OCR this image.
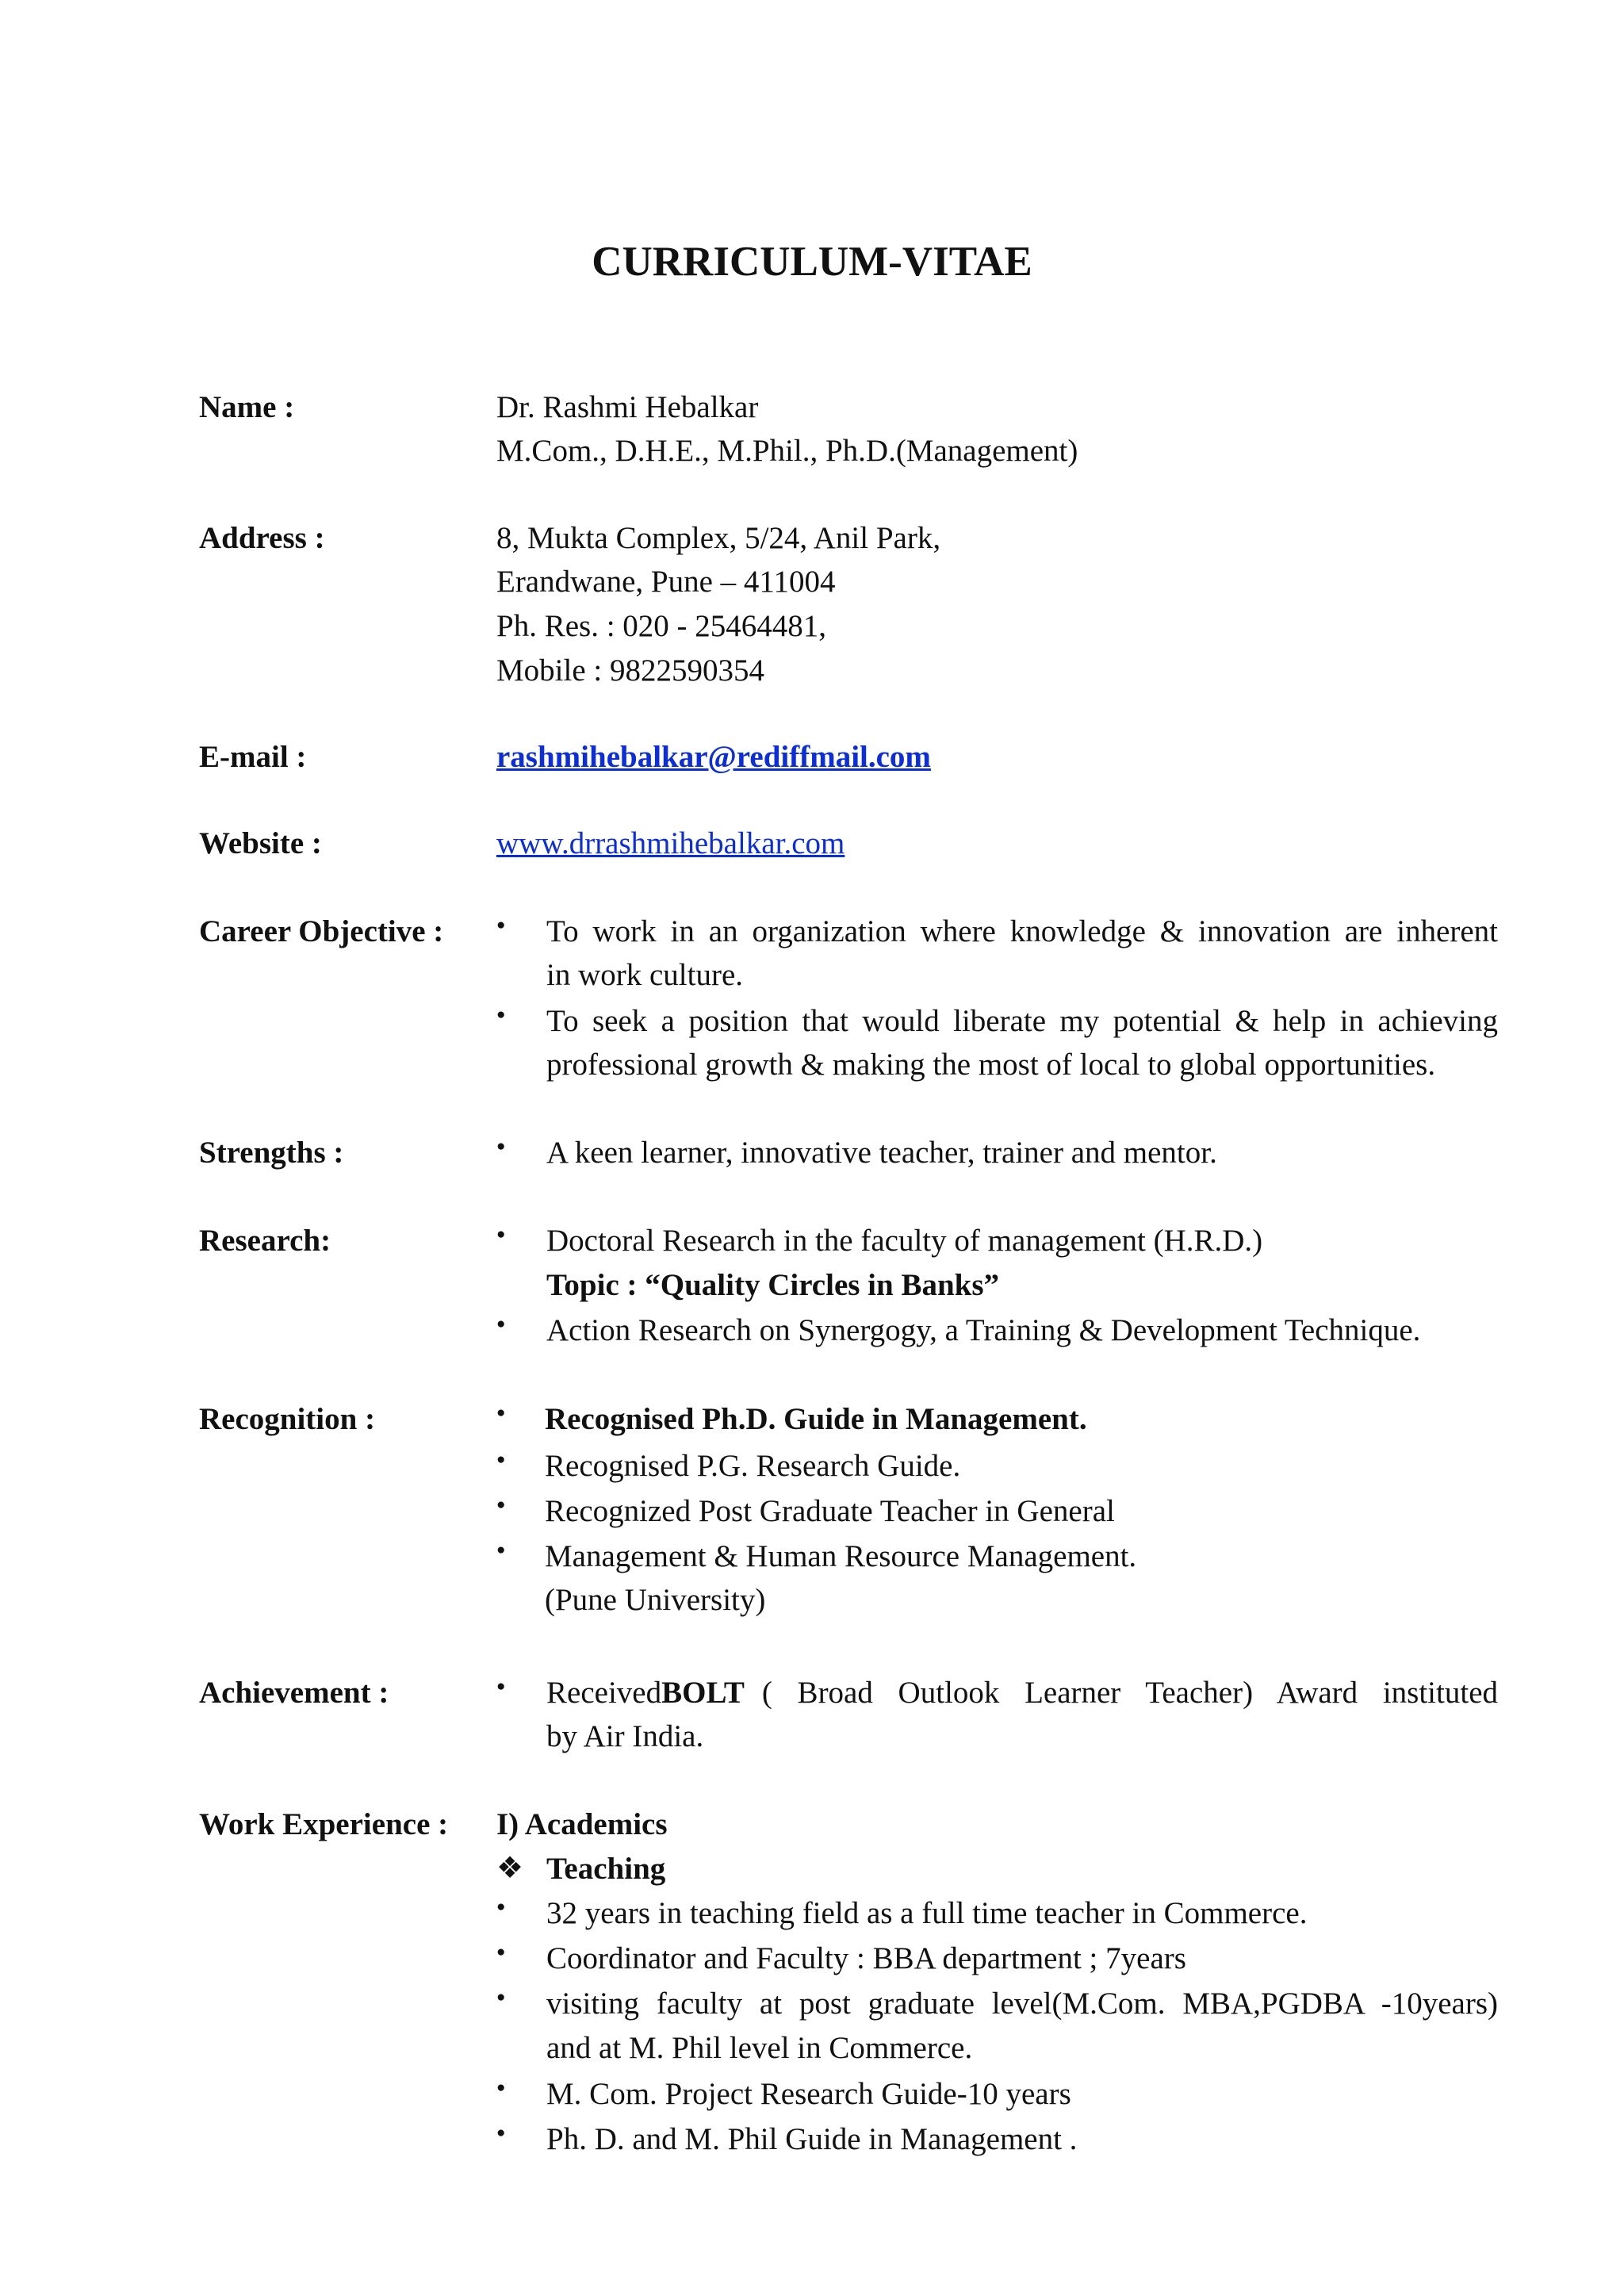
CURRICULUM-VITAE
Name :	Dr. Rashmi Hebalkar
M.Com., D.H.E., M.Phil., Ph.D.(Management)
Address :	8, Mukta Complex, 5/24, Anil Park,
Erandwane, Pune – 411004
Ph. Res. : 020 - 25464481,
Mobile : 9822590354
E-mail :	rashmihebalkar@rediffmail.com
Website :	www.drrashmihebalkar.com
Career Objective : ●	To work in an organization where knowledge & innovation are inherent
in work culture.
●
To seek a position that would liberate my potential & help in achieving
professional growth & making the most of local to global opportunities.
Strengths : ●	A keen learner, innovative teacher, trainer and mentor.
Research: ●	Doctoral Research in the faculty of management (H.R.D.)
Topic : “Quality Circles in Banks”
●
Action Research on Synergogy, a Training & Development Technique.
Recognition : ●	Recognised Ph.D. Guide in Management.
●
Recognised P.G. Research Guide.
●
Recognized Post Graduate Teacher in General
●
Management & Human Resource Management.
(Pune University)
Achievement : ●	Received BOLT ( Broad Outlook Learner Teacher) Award instituted
by Air India.
Work Experience : I) Academics
❖ Teaching
●
32 years in teaching field as a full time teacher in Commerce.
●
Coordinator and Faculty : BBA department ; 7years
●
visiting faculty at post graduate level(M.Com. MBA,PGDBA -10years)
and at M. Phil level in Commerce.
●
M. Com. Project Research Guide-10 years
●
Ph. D. and M. Phil Guide in Management .
